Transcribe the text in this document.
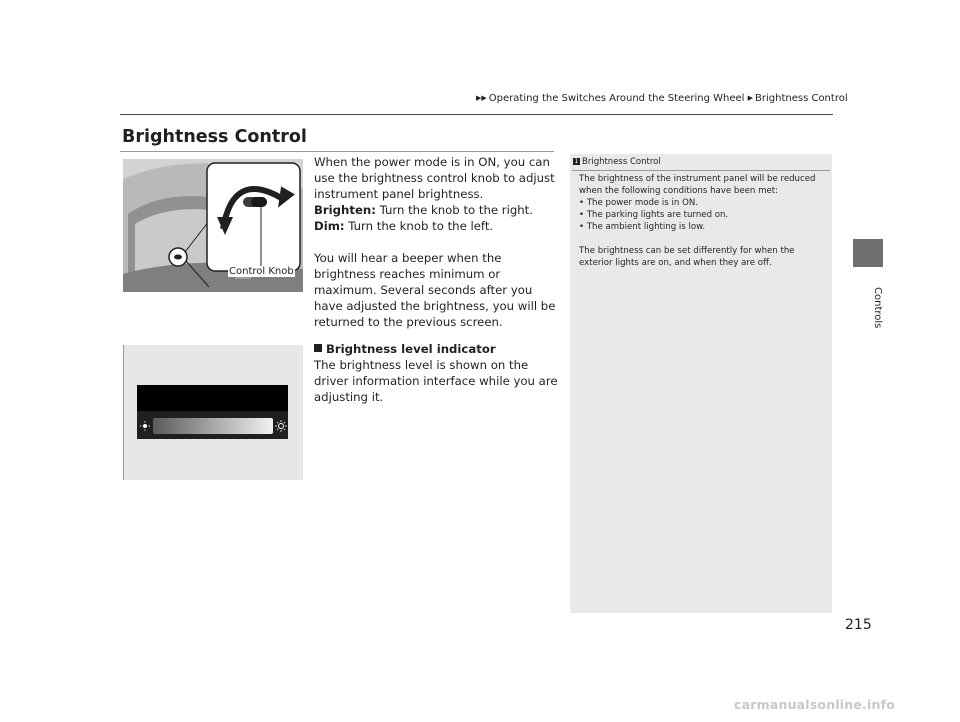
▶▶ Operating the Switches Around the Steering Wheel ▶ Brightness Control
Controls
Brightness Control
Control Knob

When the power mode is in ON, you can use the brightness control knob to adjust instrument panel brightness.

Brighten: Turn the knob to the right.

Dim: Turn the knob to the left.

You will hear a beeper when the brightness reaches minimum or maximum. Several seconds after you have adjusted the brightness, you will be returned to the previous screen.

Brightness level indicator
The brightness level is shown on the driver information interface while you are adjusting it.
1 Brightness Control

The brightness of the instrument panel will be reduced when the following conditions have been met:

• The power mode is in ON.

• The parking lights are turned on.

• The ambient lighting is low.

The brightness can be set differently for when the exterior lights are on, and when they are off.

215
carmanualsonline.info
